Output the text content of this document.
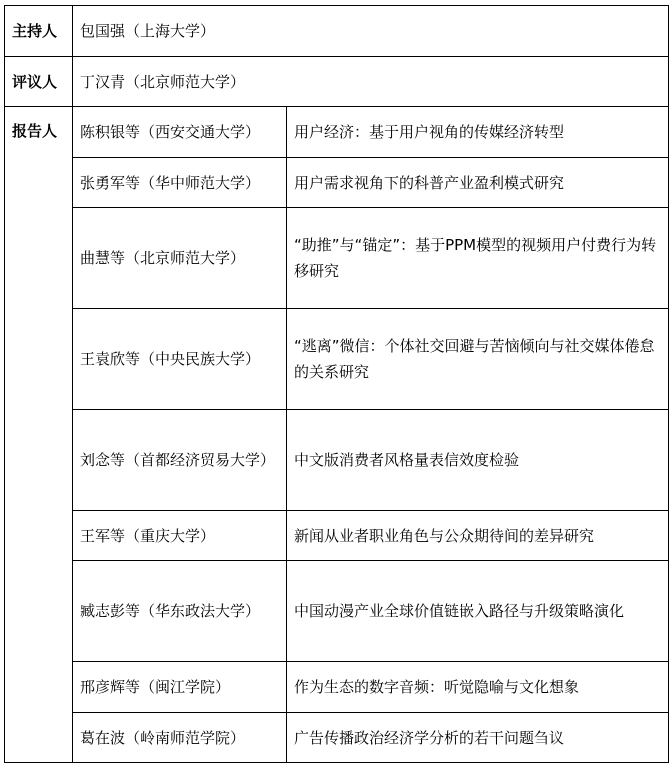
主持人	包国强（上海大学）	
评议人	丁汉青（北京师范大学）	
报告人	陈积银等（西安交通大学）	用户经济：基于用户视角的传媒经济转型
	张勇军等（华中师范大学）	用户需求视角下的科普产业盈利模式研究
	曲慧等（北京师范大学）	“助推”与“锚定”：基于PPM模型的视频用户付费行为转移研究
	王袁欣等（中央民族大学）	“逃离”微信：个体社交回避与苦恼倾向与社交媒体倦怠的关系研究
	刘念等（首都经济贸易大学）	中文版消费者风格量表信效度检验
	王军等（重庆大学）	新闻从业者职业角色与公众期待间的差异研究
	臧志彭等（华东政法大学）	中国动漫产业全球价值链嵌入路径与升级策略演化
	邢彦辉等（闽江学院）	作为生态的数字音频：听觉隐喻与文化想象
	葛在波（岭南师范学院）	广告传播政治经济学分析的若干问题刍议
